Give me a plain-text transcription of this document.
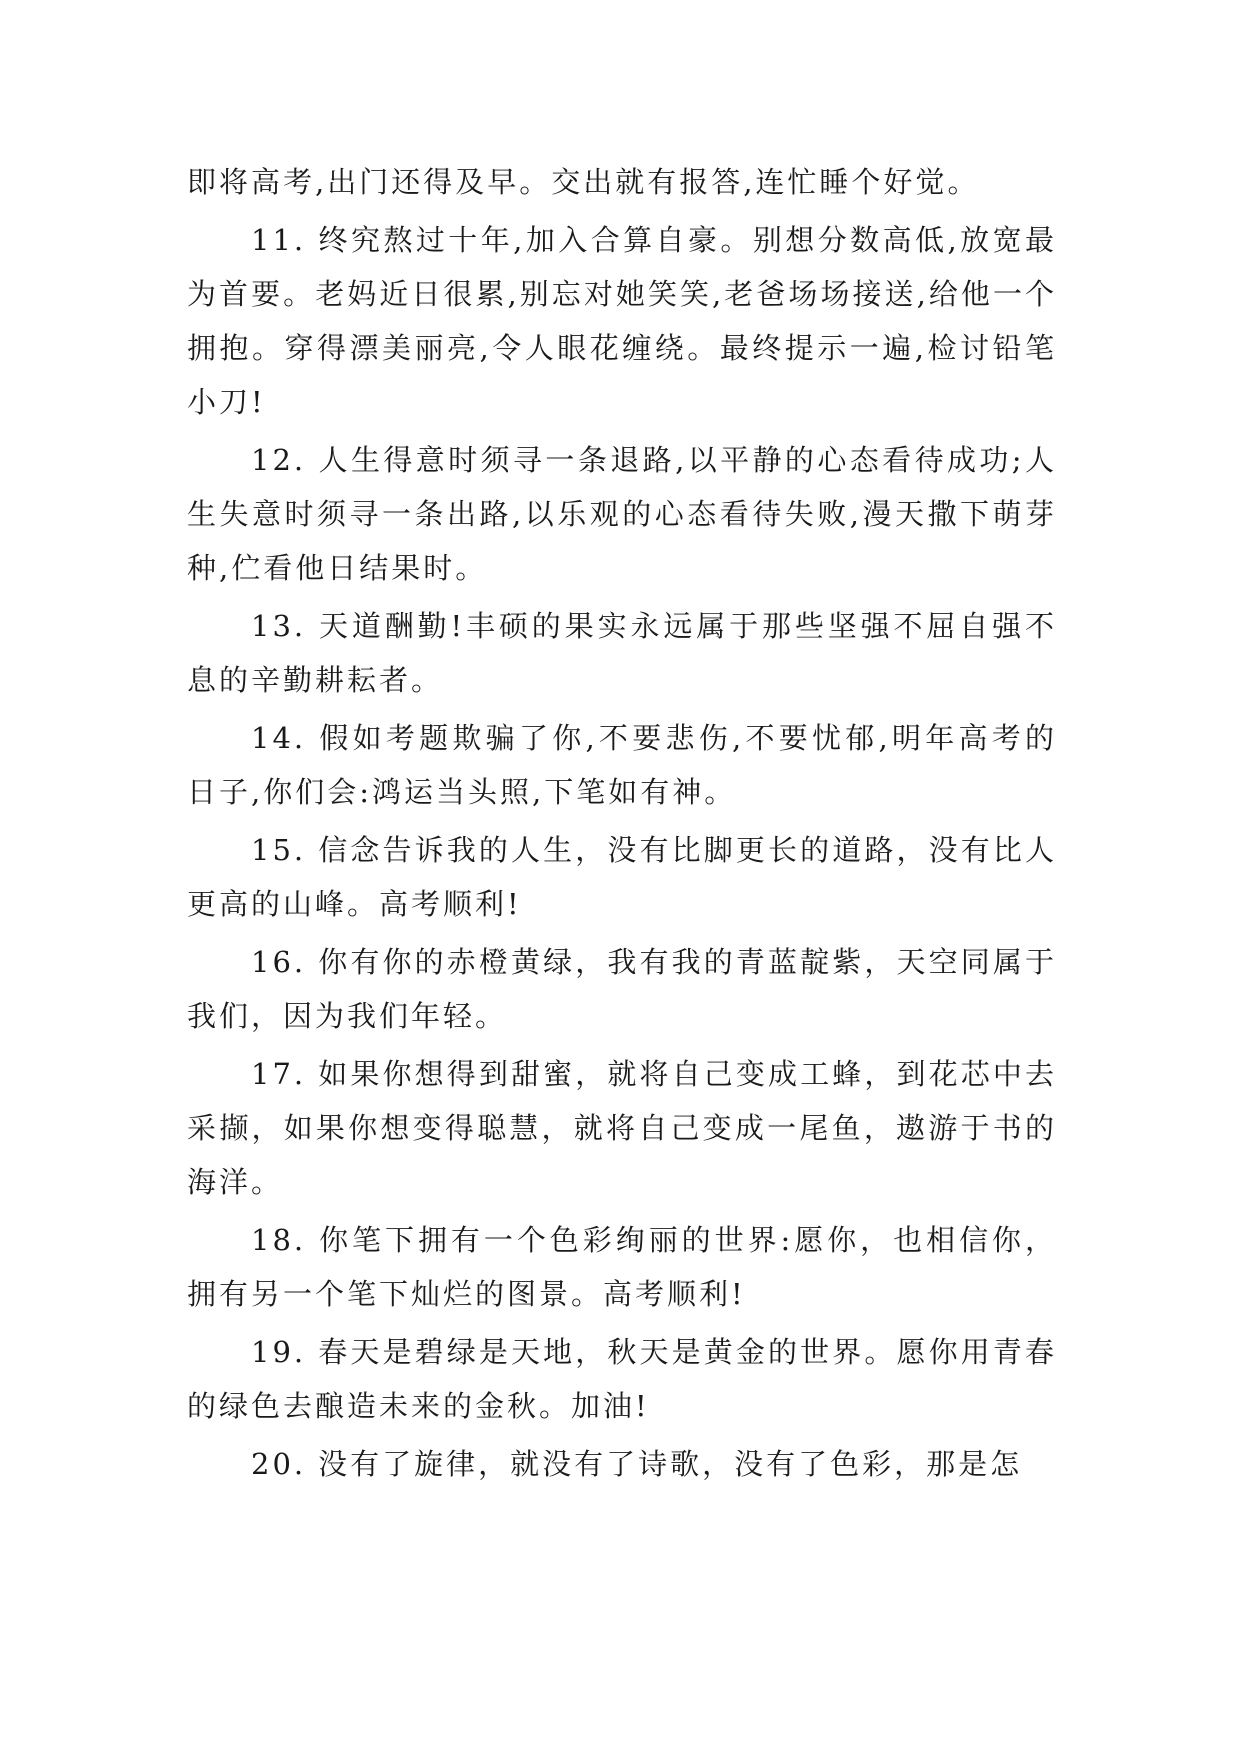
即将高考,出门还得及早。交出就有报答,连忙睡个好觉。

11. 终究熬过十年,加入合算自豪。别想分数高低,放宽最为首要。老妈近日很累,别忘对她笑笑,老爸场场接送,给他一个拥抱。穿得漂美丽亮,令人眼花缠绕。最终提示一遍,检讨铅笔小刀!

12. 人生得意时须寻一条退路,以平静的心态看待成功;人生失意时须寻一条出路,以乐观的心态看待失败,漫天撒下萌芽种,伫看他日结果时。

13. 天道酬勤!丰硕的果实永远属于那些坚强不屈自强不息的辛勤耕耘者。

14. 假如考题欺骗了你,不要悲伤,不要忧郁,明年高考的日子,你们会:鸿运当头照,下笔如有神。

15. 信念告诉我的人生，没有比脚更长的道路，没有比人更高的山峰。高考顺利!

16. 你有你的赤橙黄绿，我有我的青蓝靛紫，天空同属于我们，因为我们年轻。

17. 如果你想得到甜蜜，就将自己变成工蜂，到花芯中去采撷，如果你想变得聪慧，就将自己变成一尾鱼，遨游于书的海洋。

18. 你笔下拥有一个色彩绚丽的世界:愿你，也相信你，拥有另一个笔下灿烂的图景。高考顺利!

19. 春天是碧绿是天地，秋天是黄金的世界。愿你用青春的绿色去酿造未来的金秋。加油!

20. 没有了旋律，就没有了诗歌，没有了色彩，那是怎
